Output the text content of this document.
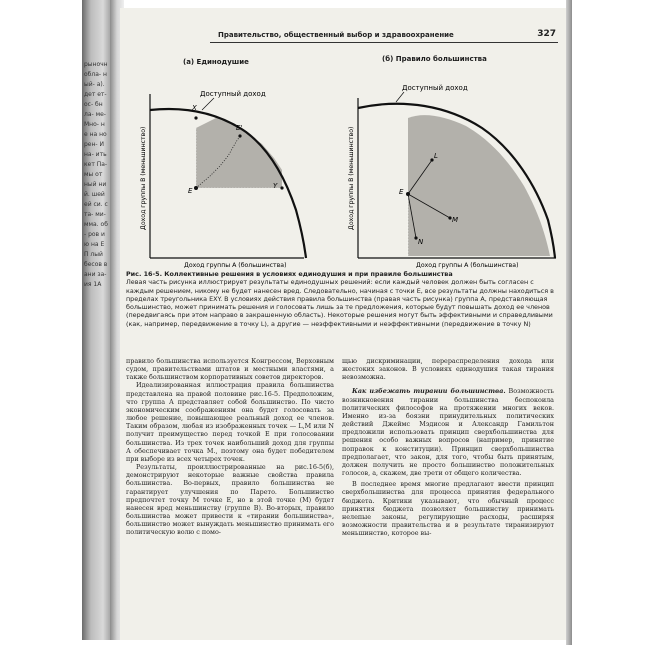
рыночн обла- ный- а). дет ет- ос- бн ла- ме- Мно- не на но рен- И на- ить кет Па- мы от ный ний. шей ей си. ста- ми- мма. об- ров ию на ЕП лый бесов вани за- ия 1А
Правительство, общественный выбор и здравоохранение	327
(а) Единодушие
Доступный доход
X
E'
E
Y
Доход группы В (меньшинство)
Доход группы А (большинства)
(б) Правило большинства
Доступный доход
E
L
M
N
Доход группы В (меньшинство)
Доход группы А (большинства)
Рис. 16-5. Коллективные решения в условиях единодушия и при правиле большинства
Левая часть рисунка иллюстрирует результаты единодушных решений: если каждый человек должен быть согласен с каждым решением, никому не будет нанесен вред. Следовательно, начиная с точки Е, все результаты должны находиться в пределах треугольника EXY. В условиях действия правила большинства (правая часть рисунка) группа А, представляющая большинство, может принимать решения и голосовать лишь за те предложения, которые будут повышать доход ее членов (передвигаясь при этом направо в закрашенную область). Некоторые решения могут быть эффективными и справедливыми (как, например, передвижение в точку L), а другие — неэффективными и неэффективными (передвижение в точку N)

правило большинства используется Конгрессом, Верховным судом, правительствами штатов и местными властями, а также большинством корпоративных советов директоров.

Идеализированная иллюстрация правила большинства представлена на правой половине рис.16-5. Предположим, что группа А представляет собой большинство. По чисто экономическим соображениям она будет голосовать за любое решение, повышающее реальный доход ее членов. Таким образом, любая из изображенных точек — L,M или N получит преимущество перед точкой Е при голосовании большинства. Из трех точек наибольший доход для группы А обеспечивает точка М., поэтому она будет победителем при выборе из всех четырех точек.

Результаты, проиллюстрированные на рис.16-5(б), демонстрируют некоторые важные свойства правила большинства. Во-первых, правило большинства не гарантирует улучшения по Парето. Большинство предпочтет точку М точке Е, но в этой точке (М) будет нанесен вред меньшинству (группе В). Во-вторых, правило большинства может привести к «тирании большинства», большинство может вынуждать меньшинство принимать его политическую волю с помо-

щью дискриминации, перераспределения дохода или жестоких законов. В условиях единодушия такая тирания невозможна.

Как избежать тирании большинства. Возможность возникновения тирании большинства беспокоила политических философов на протяжении многих веков. Именно из-за боязни принудительных политических действий Джеймс Мэдисон и Александр Гамильтон предложили использовать принцип сверхбольшинства для решения особо важных вопросов (например, принятие поправок к конституции). Принцип сверхбольшинства предполагает, что закон, для того, чтобы быть принятым, должен получить не просто большинство положительных голосов, а, скажем, две трети от общего количества.

В последнее время многие предлагают ввести принцип сверхбольшинства для процесса принятия федерального бюджета. Критики указывают, что обычный процесс принятия бюджета позволяет большинству принимать нелепые законы, регулирующие расходы, расширяя возможности правительства и в результате тиранизируют меньшинство, которое вы-
